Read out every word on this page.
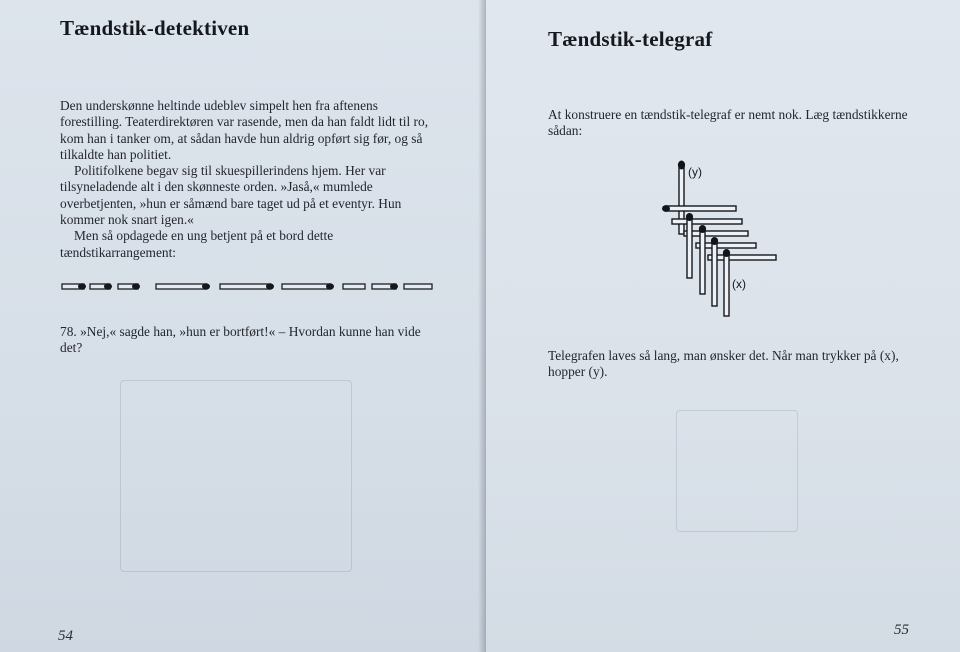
Tændstik-detektiven

Den underskønne heltinde udeblev simpelt hen fra aftenens forestilling. Teaterdirektøren var rasende, men da han faldt lidt til ro, kom han i tanker om, at sådan havde hun aldrig opført sig før, og så tilkaldte han politiet.

Politifolkene begav sig til skuespillerindens hjem. Her var tilsyneladende alt i den skønneste orden. »Jaså,« mumlede overbetjenten, »hun er såmænd bare taget ud på et eventyr. Hun kommer nok snart igen.«

Men så opdagede en ung betjent på et bord dette tændstikarrangement:

78. »Nej,« sagde han, »hun er bortført!« – Hvordan kunne han vide det?

54
Tændstik-telegraf

At konstruere en tændstik-telegraf er nemt nok. Læg tændstikkerne sådan:

(y)
(x)

Telegrafen laves så lang, man ønsker det. Når man trykker på (x), hopper (y).

55
